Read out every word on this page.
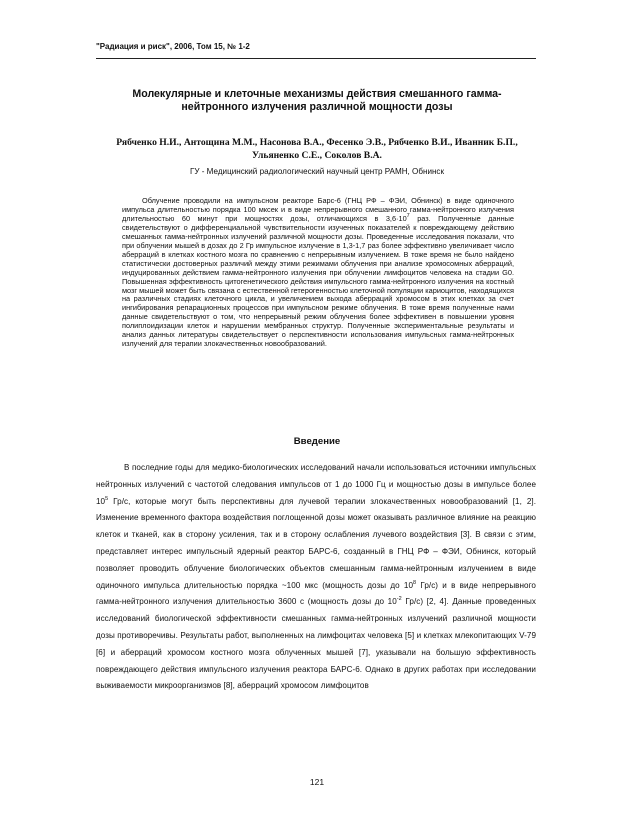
"Радиация и риск", 2006, Том 15, № 1-2
Молекулярные и клеточные механизмы действия смешанного гамма-нейтронного излучения различной мощности дозы
Рябченко Н.И., Антощина М.М., Насонова В.А., Фесенко Э.В., Рябченко В.И., Иванник Б.П., Ульяненко С.Е., Соколов В.А.
ГУ - Медицинский радиологический научный центр РАМН, Обнинск

Облучение проводили на импульсном реакторе Барс-6 (ГНЦ РФ – ФЭИ, Обнинск) в виде одиночного импульса длительностью порядка 100 мксек и в виде непрерывного смешанного гамма-нейтронного излучения длительностью 60 минут при мощностях дозы, отличающихся в $3,6\cdot 10^7$ раз. Полученные данные свидетельствуют о дифференциальной чувствительности изученных показателей к повреждающему действию смешанных гамма-нейтронных излучений различной мощности дозы. Проведенные исследования показали, что при облучении мышей в дозах до 2 Гр импульсное излучение в 1,3-1,7 раз более эффективно увеличивает число аберраций в клетках костного мозга по сравнению с непрерывным излучением. В тоже время не было найдено статистически достоверных различий между этими режимами облучения при анализе хромосомных аберраций, индуцированных действием гамма-нейтронного излучения при облучении лимфоцитов человека на стадии G0. Повышенная эффективность цитогенетического действия импульсного гамма-нейтронного излучения на костный мозг мышей может быть связана с естественной гетерогенностью клеточной популяции кариоцитов, находящихся на различных стадиях клеточного цикла, и увеличением выхода аберраций хромосом в этих клетках за счет ингибирования репарационных процессов при импульсном режиме облучения. В тоже время полученные нами данные свидетельствуют о том, что непрерывный режим облучения более эффективен в повышении уровня полиплоидизации клеток и нарушении мембранных структур. Полученные экспериментальные результаты и анализ данных литературы свидетельствует о перспективности использования импульсных гамма-нейтронных излучений для терапии злокачественных новообразований.

Введение

В последние годы для медико-биологических исследований начали использоваться источники импульсных нейтронных излучений с частотой следования импульсов от 1 до 1000 Гц и мощностью дозы в импульсе более $10^5$ Гр/с, которые могут быть перспективны для лучевой терапии злокачественных новообразований [1, 2]. Изменение временного фактора воздействия поглощенной дозы может оказывать различное влияние на реакцию клеток и тканей, как в сторону усиления, так и в сторону ослабления лучевого воздействия [3]. В связи с этим, представляет интерес импульсный ядерный реактор БАРС-6, созданный в ГНЦ РФ – ФЭИ, Обнинск, который позволяет проводить облучение биологических объектов смешанным гамма-нейтронным излучением в виде одиночного импульса длительностью порядка ~100 мкс (мощность дозы до $10^8$ Гр/с) и в виде непрерывного гамма-нейтронного излучения длительностью 3600 с (мощность дозы до $10^{-2}$ Гр/с) [2, 4]. Данные проведенных исследований биологической эффективности смешанных гамма-нейтронных излучений различной мощности дозы противоречивы. Результаты работ, выполненных на лимфоцитах человека [5] и клетках млекопитающих V-79 [6] и аберраций хромосом костного мозга облученных мышей [7], указывали на большую эффективность повреждающего действия импульсного излучения реактора БАРС-6. Однако в других работах при исследовании выживаемости микроорганизмов [8], аберраций хромосом лимфоцитов

121
